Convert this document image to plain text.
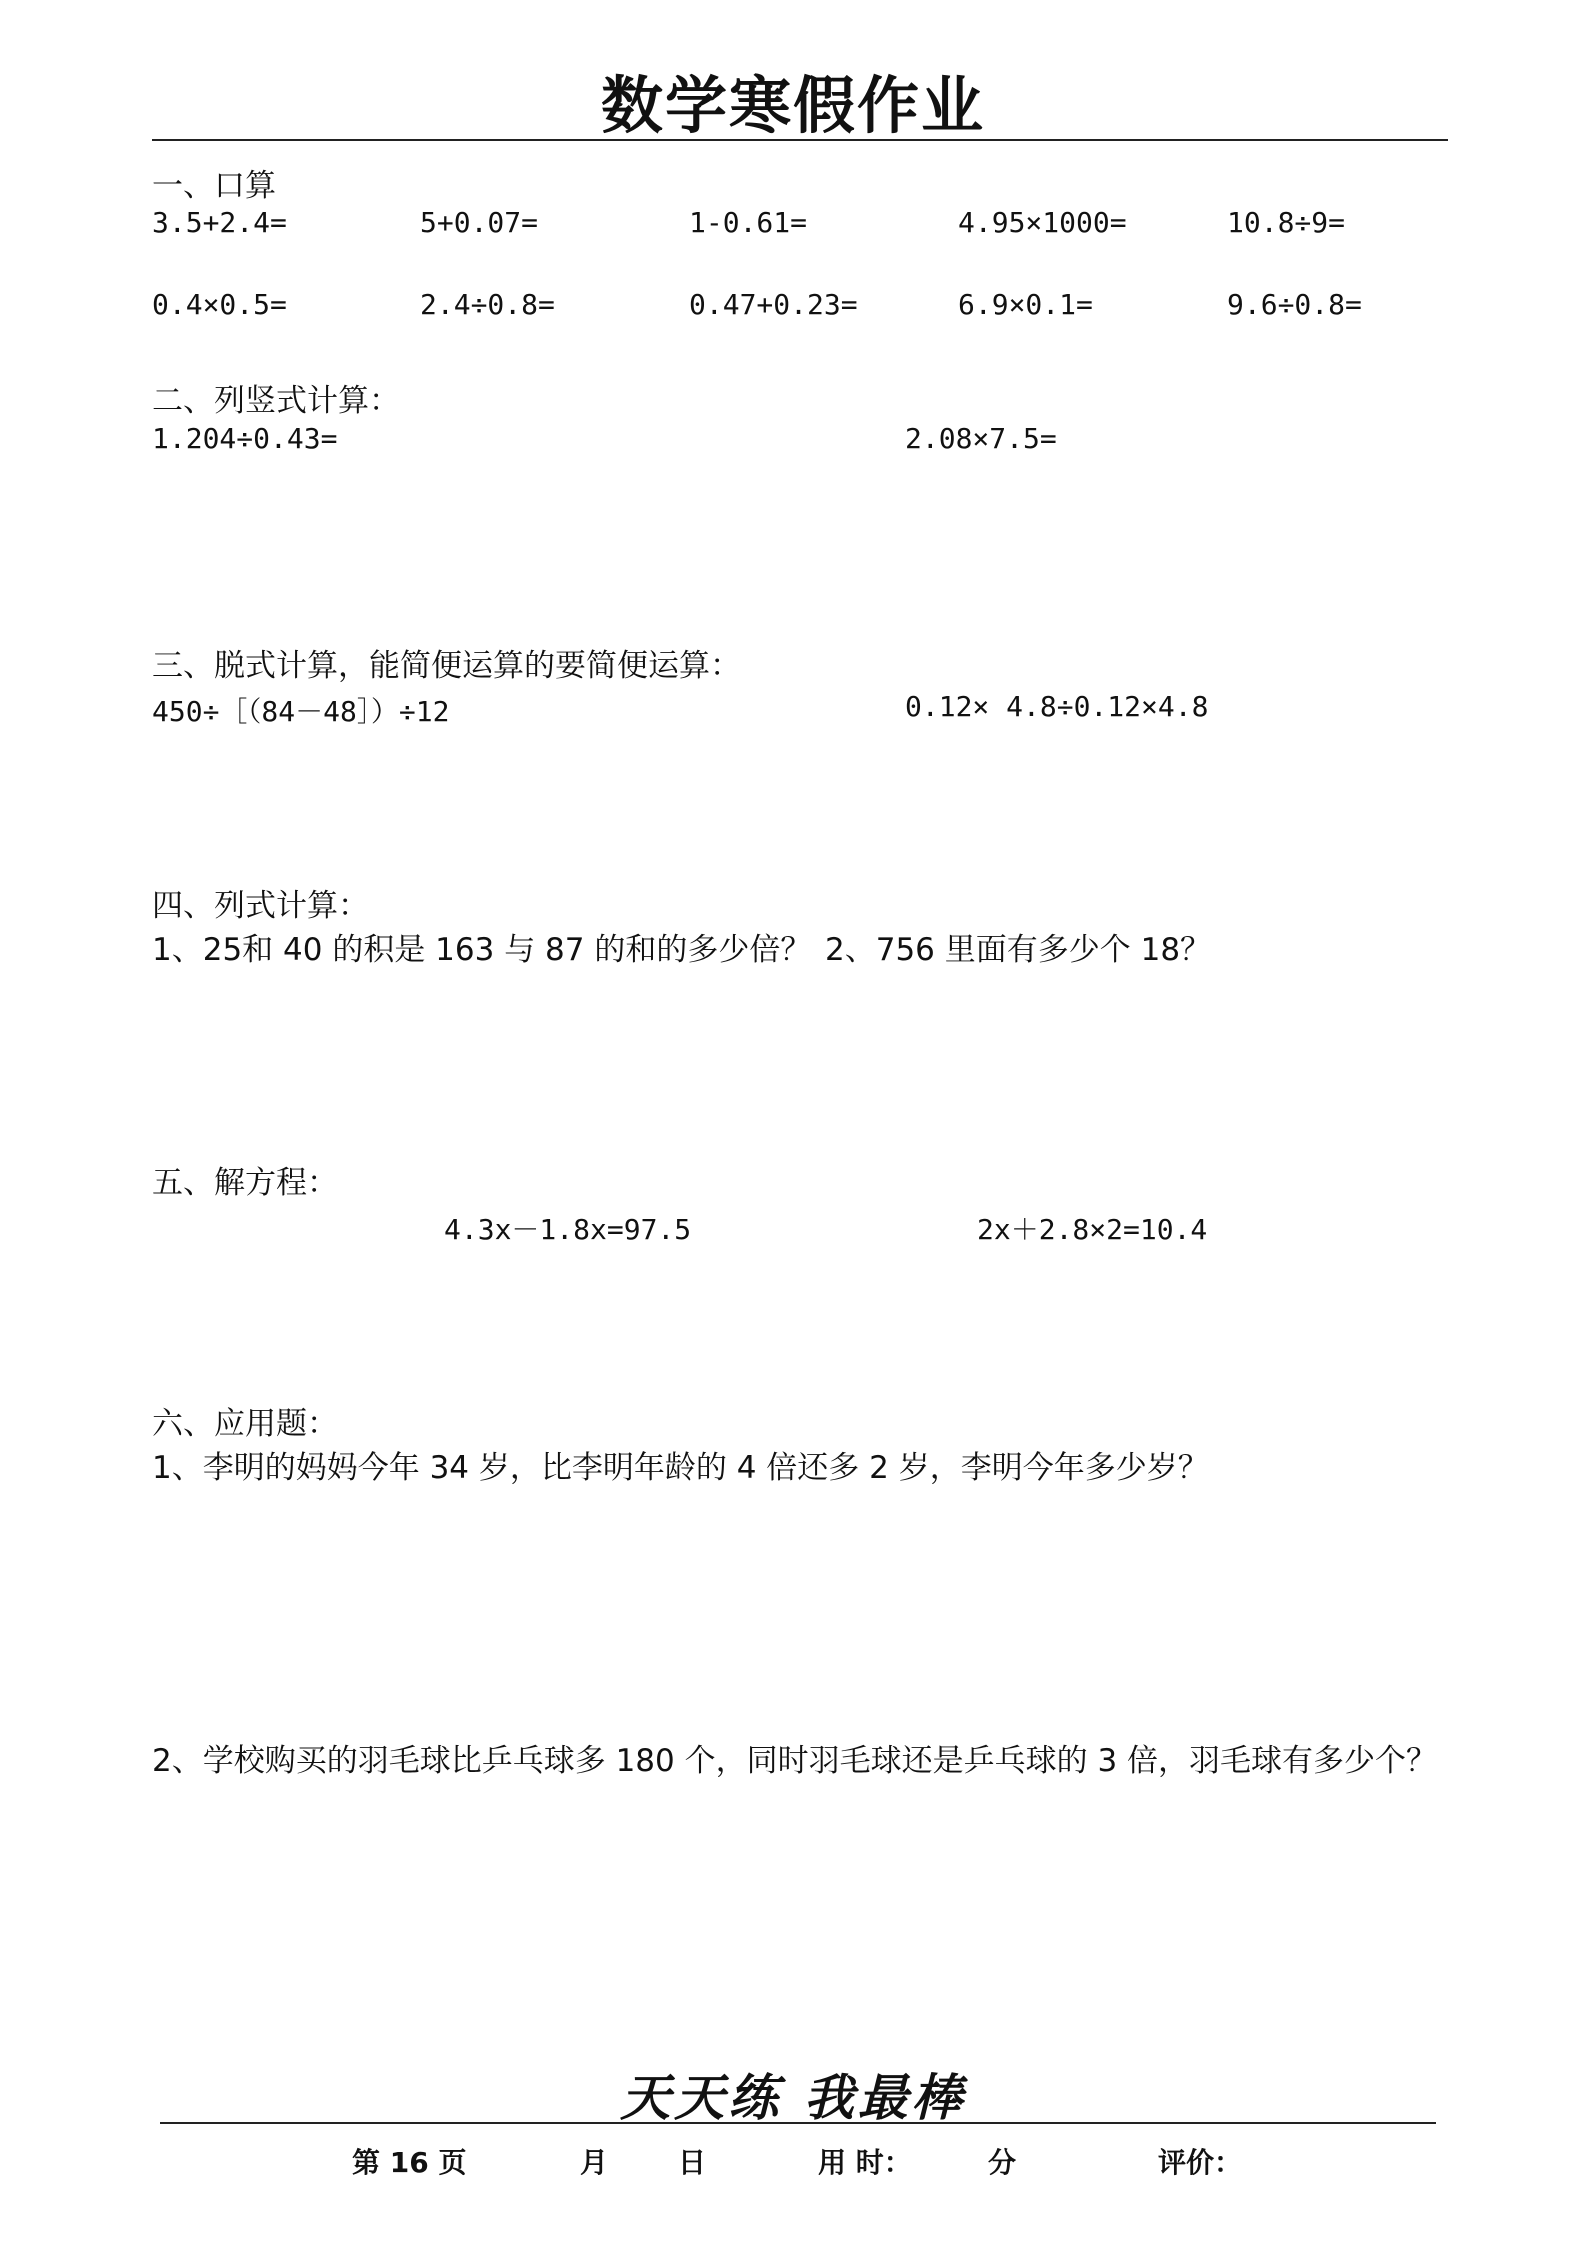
数学寒假作业
一、口算
3.5+2.4=	5+0.07=	1-0.61=	4.95×1000=	10.8÷9=
0.4×0.5=	2.4÷0.8=	0.47+0.23=	6.9×0.1=	9.6÷0.8=
二、列竖式计算：
1.204÷0.43=	2.08×7.5=
三、脱式计算，能简便运算的要简便运算：
450÷［（84－48］）÷12	0.12× 4.8÷0.12×4.8
四、列式计算：
1、25和 40 的积是 163 与 87 的和的多少倍？ 2、756 里面有多少个 18？
五、解方程：
4.3x－1.8x=97.5	2x＋2.8×2=10.4
六、应用题：
1、李明的妈妈今年 34 岁，比李明年龄的 4 倍还多 2 岁，李明今年多少岁？
2、学校购买的羽毛球比乒乓球多 180 个，同时羽毛球还是乒乓球的 3 倍，羽毛球有多少个？
天天练 我最棒
第 16 页	月 日	用 时：	分	评价：
